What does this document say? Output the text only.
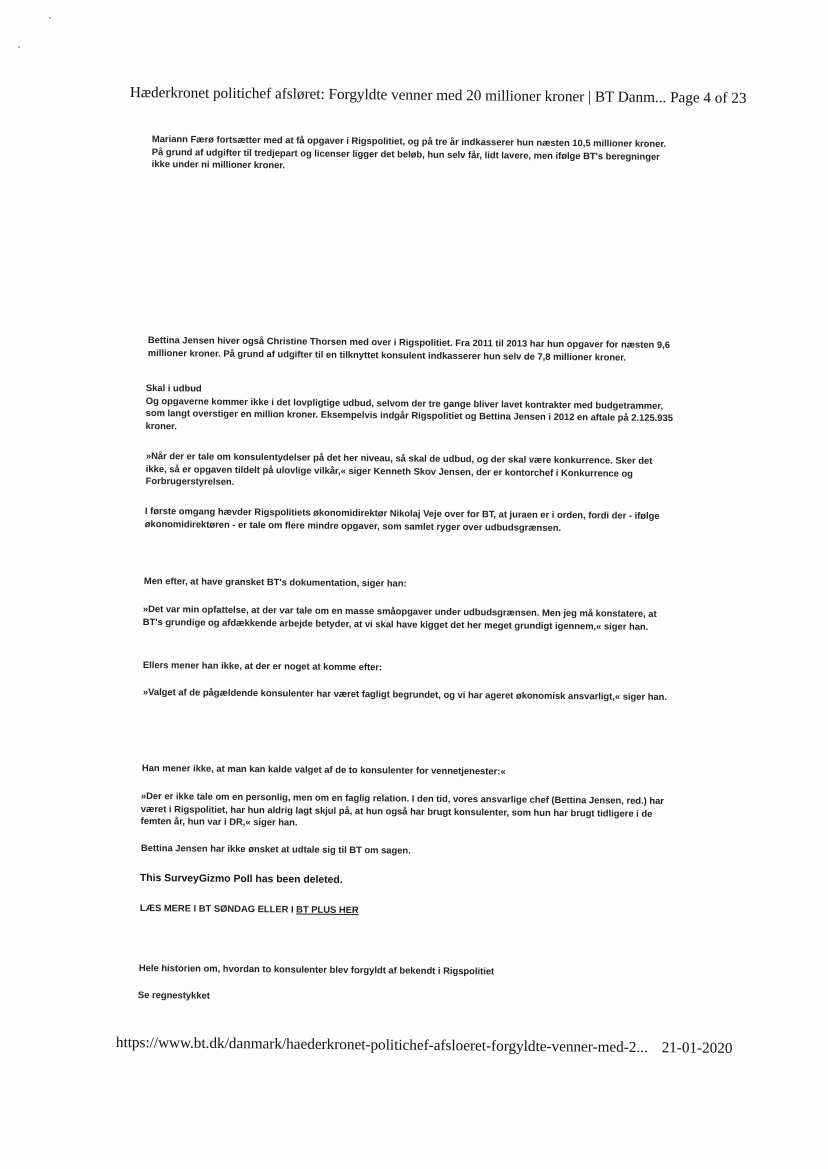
Hæderkronet politichef afsløret: Forgyldte venner med 20 millioner kroner | BT Danm... Page 4 of 23

Mariann Færø fortsætter med at få opgaver i Rigspolitiet, og på tre år indkasserer hun næsten 10,5 millioner kroner. På grund af udgifter til tredjepart og licenser ligger det beløb, hun selv får, lidt lavere, men ifølge BT's beregninger ikke under ni millioner kroner.

Bettina Jensen hiver også Christine Thorsen med over i Rigspolitiet. Fra 2011 til 2013 har hun opgaver for næsten 9,6 millioner kroner. På grund af udgifter til en tilknyttet konsulent indkasserer hun selv de 7,8 millioner kroner.

Skal i udbud

Og opgaverne kommer ikke i det lovpligtige udbud, selvom der tre gange bliver lavet kontrakter med budgetrammer, som langt overstiger en million kroner. Eksempelvis indgår Rigspolitiet og Bettina Jensen i 2012 en aftale på 2.125.935 kroner.

»Når der er tale om konsulentydelser på det her niveau, så skal de udbud, og der skal være konkurrence. Sker det ikke, så er opgaven tildelt på ulovlige vilkår,« siger Kenneth Skov Jensen, der er kontorchef i Konkurrence og Forbrugerstyrelsen.

I første omgang hævder Rigspolitiets økonomidirektør Nikolaj Veje over for BT, at juraen er i orden, fordi der - ifølge økonomidirektøren - er tale om flere mindre opgaver, som samlet ryger over udbudsgrænsen.

Men efter, at have gransket BT's dokumentation, siger han:

»Det var min opfattelse, at der var tale om en masse småopgaver under udbudsgrænsen. Men jeg må konstatere, at BT's grundige og afdækkende arbejde betyder, at vi skal have kigget det her meget grundigt igennem,« siger han.

Ellers mener han ikke, at der er noget at komme efter:

»Valget af de pågældende konsulenter har været fagligt begrundet, og vi har ageret økonomisk ansvarligt,« siger han.

Han mener ikke, at man kan kalde valget af de to konsulenter for vennetjenester:«

»Der er ikke tale om en personlig, men om en faglig relation. I den tid, vores ansvarlige chef (Bettina Jensen, red.) har været i Rigspolitiet, har hun aldrig lagt skjul på, at hun også har brugt konsulenter, som hun har brugt tidligere i de femten år, hun var i DR,« siger han.

Bettina Jensen har ikke ønsket at udtale sig til BT om sagen.

This SurveyGizmo Poll has been deleted.

LÆS MERE I BT SØNDAG ELLER I BT PLUS HER

Hele historien om, hvordan to konsulenter blev forgyldt af bekendt i Rigspolitiet

Se regnestykket

https://www.bt.dk/danmark/haederkronet-politichef-afsloeret-forgyldte-venner-med-2... 21-01-2020
